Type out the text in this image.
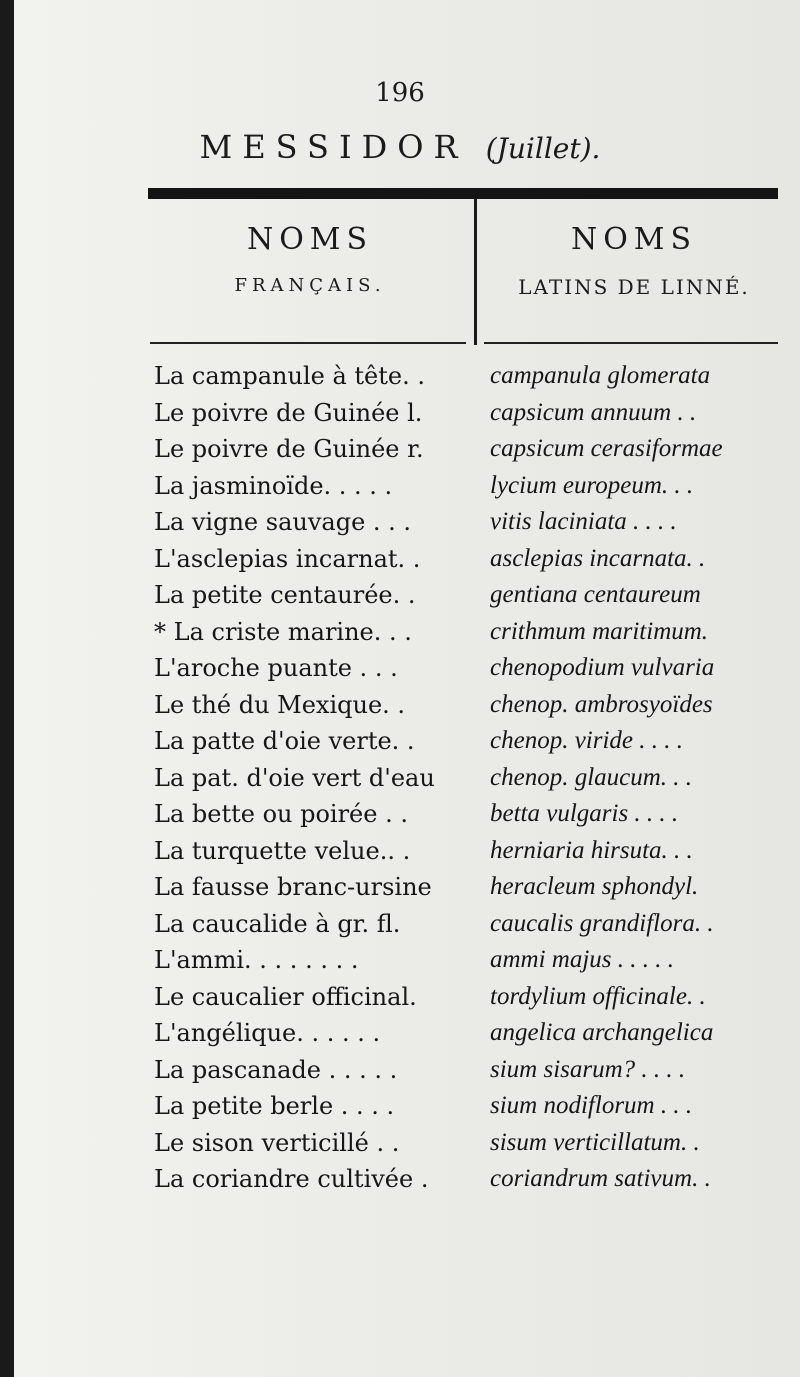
196
MESSIDOR (Juillet).
NOMS
FRANÇAIS.
NOMS
LATINS DE LINNÉ.
La campanule à tête. .	campanula glomerata
Le poivre de Guinée l.	capsicum annuum . .
Le poivre de Guinée r.	capsicum cerasiformae
La jasminoïde. . . . .	lycium europeum. . .
La vigne sauvage . . .	vitis laciniata . . . .
L'asclepias incarnat. .	asclepias incarnata. .
La petite centaurée. .	gentiana centaureum
* La criste marine. . .	crithmum maritimum.
L'aroche puante . . .	chenopodium vulvaria
Le thé du Mexique. .	chenop. ambrosyoïdes
La patte d'oie verte. .	chenop. viride . . . .
La pat. d'oie vert d'eau	chenop. glaucum. . .
La bette ou poirée . .	betta vulgaris . . . .
La turquette velue.. .	herniaria hirsuta. . .
La fausse branc-ursine	heracleum sphondyl.
La caucalide à gr. fl.	caucalis grandiflora. .
L'ammi. . . . . . . .	ammi majus . . . . .
Le caucalier officinal.	tordylium officinale. .
L'angélique. . . . . .	angelica archangelica
La pascanade . . . . .	sium sisarum? . . . .
La petite berle . . . .	sium nodiflorum . . .
Le sison verticillé . .	sisum verticillatum. .
La coriandre cultivée .	coriandrum sativum. .
